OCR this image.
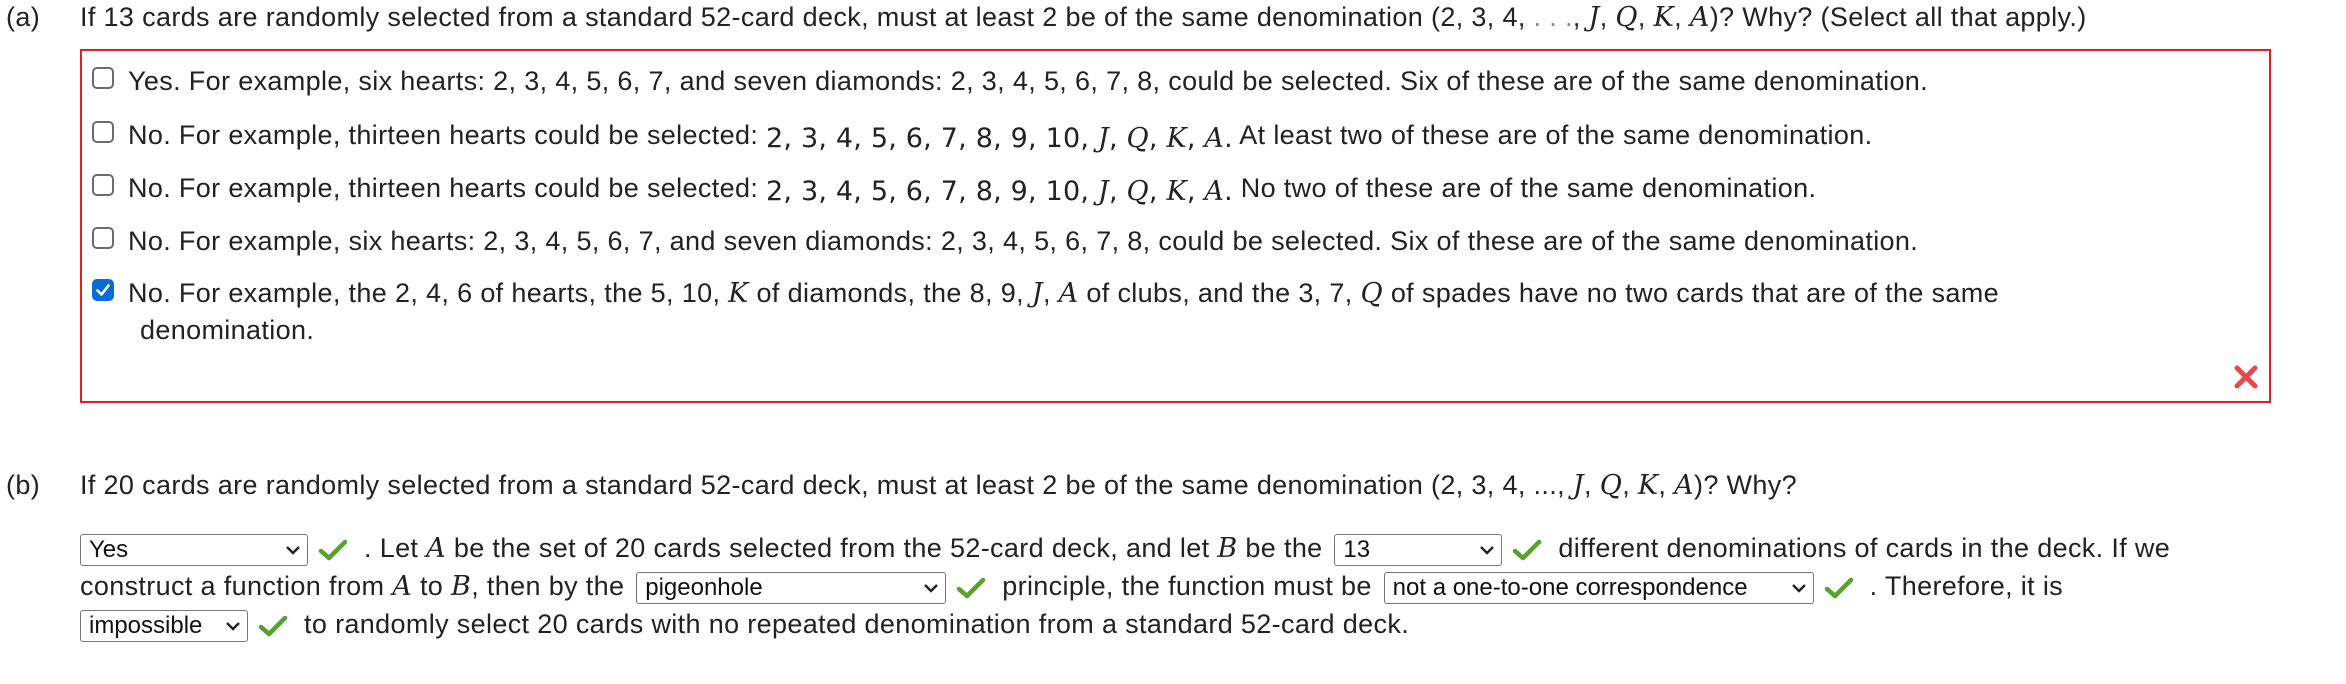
(a) If 13 cards are randomly selected from a standard 52-card deck, must at least 2 be of the same denomination (2, 3, 4, . . ., J, Q, K, A)? Why? (Select all that apply.)
Yes. For example, six hearts: 2, 3, 4, 5, 6, 7, and seven diamonds: 2, 3, 4, 5, 6, 7, 8, could be selected. Six of these are of the same denomination.
No. For example, thirteen hearts could be selected: 2, 3, 4, 5, 6, 7, 8, 9, 10, J, Q, K, A. At least two of these are of the same denomination.
No. For example, thirteen hearts could be selected: 2, 3, 4, 5, 6, 7, 8, 9, 10, J, Q, K, A. No two of these are of the same denomination.
No. For example, six hearts: 2, 3, 4, 5, 6, 7, and seven diamonds: 2, 3, 4, 5, 6, 7, 8, could be selected. Six of these are of the same denomination.
No. For example, the 2, 4, 6 of hearts, the 5, 10, K of diamonds, the 8, 9, J, A of clubs, and the 3, 7, Q of spades have no two cards that are of the same
denomination.
(b) If 20 cards are randomly selected from a standard 52-card deck, must at least 2 be of the same denomination (2, 3, 4, ..., J, Q, K, A)? Why?
Yes	. Let A be the set of 20 cards selected from the 52-card deck, and let B be the 13	different denominations of cards in the deck. If we
construct a function from A to B, then by the pigeonhole	principle, the function must be not a one-to-one correspondence	. Therefore, it is
impossible	to randomly select 20 cards with no repeated denomination from a standard 52-card deck.
